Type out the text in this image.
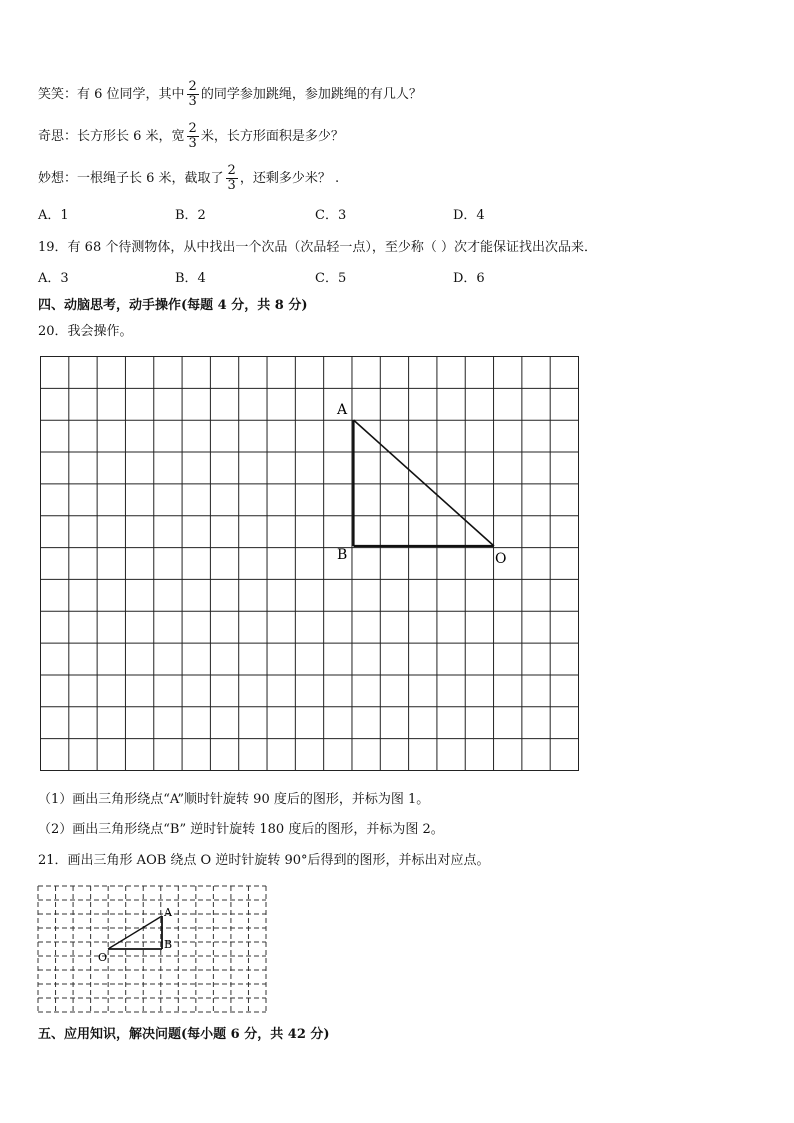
笑笑：有 6 位同学，其中 $\frac{2}{3}$ 的同学参加跳绳，参加跳绳的有几人？
奇思：长方形长 6 米，宽 $\frac{2}{3}$ 米，长方形面积是多少？
妙想：一根绳子长 6 米，截取了 $\frac{2}{3}$ ，还剩多少米？ .
A．1	B．2	C．3	D．4
19．有 68 个待测物体，从中找出一个次品（次品轻一点），至少称（ ）次才能保证找出次品来．
A．3	B．4	C．5	D．6
四、动脑思考，动手操作(每题 4 分，共 8 分)
20．我会操作。
A
B	O
（1）画出三角形绕点“A”顺时针旋转 90 度后的图形，并标为图 1。
（2）画出三角形绕点“B” 逆时针旋转 180 度后的图形，并标为图 2。
21．画出三角形 AOB 绕点 O 逆时针旋转 90°后得到的图形，并标出对应点。
A
B
O
五、应用知识，解决问题(每小题 6 分，共 42 分)
